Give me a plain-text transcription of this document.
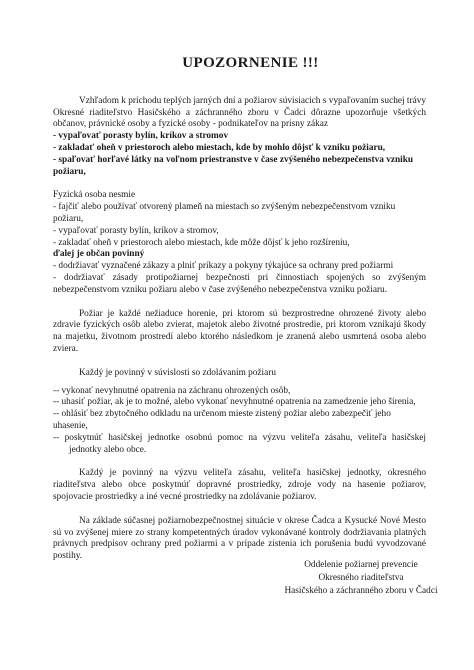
UPOZORNENIE !!!

Vzhľadom k príchodu teplých jarných dní a požiarov súvisiacich s vypaľovaním suchej trávy Okresné riaditeľstvo Hasičského a záchranného zboru v Čadci dôrazne upozorňuje všetkých občanov, právnické osoby a fyzické osoby - podnikateľov na prísny zákaz

- vypaľovať porasty bylín, kríkov a stromov

- zakladať oheň v priestoroch alebo miestach, kde by mohlo dôjsť k vzniku požiaru,

- spaľovať horľavé látky na voľnom priestranstve v čase zvýšeného nebezpečenstva vzniku požiaru,

Fyzická osoba nesmie

- fajčiť alebo používať otvorený plameň na miestach so zvýšeným nebezpečenstvom vzniku požiaru,

- vypaľovať porasty bylín, kríkov a stromov,

- zakladať oheň v priestoroch alebo miestach, kde môže dôjsť k jeho rozšíreniu,

ďalej je občan povinný

- dodržiavať vyznačené zákazy a plniť príkazy a pokyny týkajúce sa ochrany pred požiarmi

- dodržiavať zásady protipožiarnej bezpečnosti pri činnostiach spojených so zvýšeným nebezpečenstvom vzniku požiaru alebo v čase zvýšeného nebezpečenstva vzniku požiaru.

Požiar je každé nežiaduce horenie, pri ktorom sú bezprostredne ohrozené životy alebo zdravie fyzických osôb alebo zvierat, majetok alebo životné prostredie, pri ktorom vznikajú škody na majetku, životnom prostredí alebo ktorého následkom je zranená alebo usmrtená osoba alebo zviera.

Každý je povinný v súvislosti so zdolávaním požiaru

-- vykonať nevyhnutné opatrenia na záchranu ohrozených osôb,

-- uhasiť požiar, ak je to možné, alebo vykonať nevyhnutné opatrenia na zamedzenie jeho šírenia,

-- ohlásiť bez zbytočného odkladu na určenom mieste zistený požiar alebo zabezpečiť jeho uhasenie,

-- poskytnúť hasičskej jednotke osobnú pomoc na výzvu veliteľa zásahu, veliteľa hasičskej jednotky alebo obce.

Každý je povinný na výzvu veliteľa zásahu, veliteľa hasičskej jednotky, okresného riaditeľstva alebo obce poskytnúť dopravné prostriedky, zdroje vody na hasenie požiarov, spojovacie prostriedky a iné vecné prostriedky na zdolávanie požiarov.

Na základe súčasnej požiarnobezpečnostnej situácie v okrese Čadca a Kysucké Nové Mesto sú vo zvýšenej miere zo strany kompetentných úradov vykonávané kontroly dodržiavania platných právnych predpisov ochrany pred požiarmi a v prípade zistenia ich porušenia budú vyvodzované postihy.

Oddelenie požiarnej prevencie
Okresného riaditeľstva
Hasičského a záchranného zboru v Čadci
